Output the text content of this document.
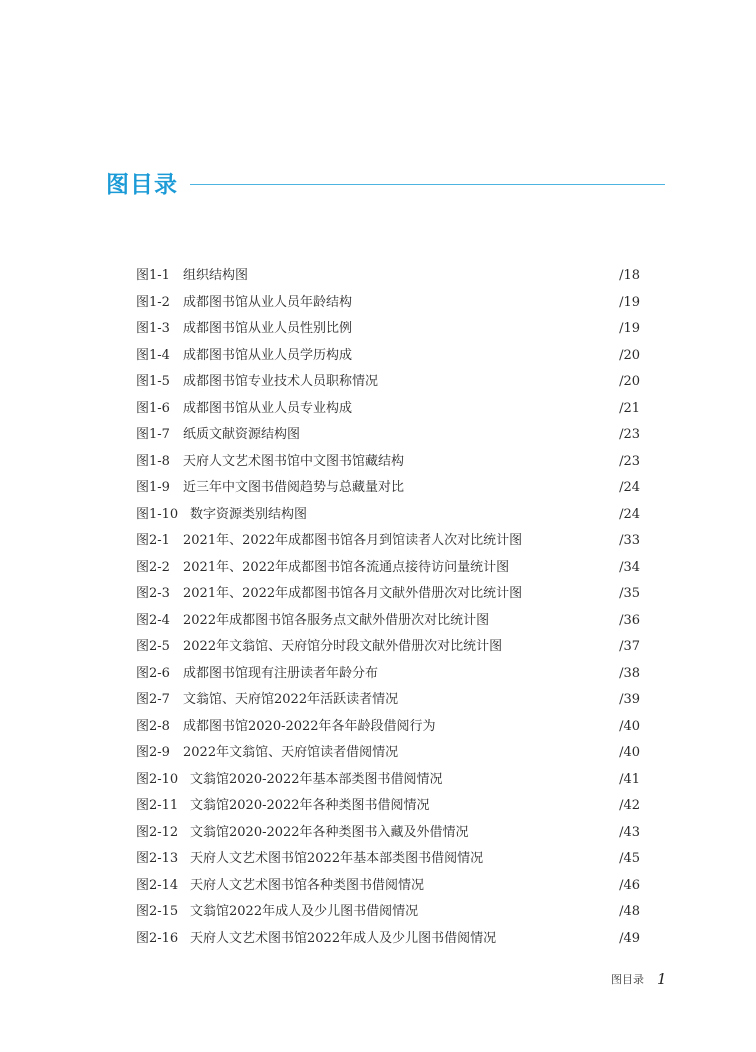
图目录
图1-1 组织结构图	/18
图1-2 成都图书馆从业人员年龄结构	/19
图1-3 成都图书馆从业人员性别比例	/19
图1-4 成都图书馆从业人员学历构成	/20
图1-5 成都图书馆专业技术人员职称情况	/20
图1-6 成都图书馆从业人员专业构成	/21
图1-7 纸质文献资源结构图	/23
图1-8 天府人文艺术图书馆中文图书馆藏结构	/23
图1-9 近三年中文图书借阅趋势与总藏量对比	/24
图1-10 数字资源类别结构图	/24
图2-1 2021年、2022年成都图书馆各月到馆读者人次对比统计图	/33
图2-2 2021年、2022年成都图书馆各流通点接待访问量统计图	/34
图2-3 2021年、2022年成都图书馆各月文献外借册次对比统计图	/35
图2-4 2022年成都图书馆各服务点文献外借册次对比统计图	/36
图2-5 2022年文翁馆、天府馆分时段文献外借册次对比统计图	/37
图2-6 成都图书馆现有注册读者年龄分布	/38
图2-7 文翁馆、天府馆2022年活跃读者情况	/39
图2-8 成都图书馆2020-2022年各年龄段借阅行为	/40
图2-9 2022年文翁馆、天府馆读者借阅情况	/40
图2-10 文翁馆2020-2022年基本部类图书借阅情况	/41
图2-11 文翁馆2020-2022年各种类图书借阅情况	/42
图2-12 文翁馆2020-2022年各种类图书入藏及外借情况	/43
图2-13 天府人文艺术图书馆2022年基本部类图书借阅情况	/45
图2-14 天府人文艺术图书馆各种类图书借阅情况	/46
图2-15 文翁馆2022年成人及少儿图书借阅情况	/48
图2-16 天府人文艺术图书馆2022年成人及少儿图书借阅情况	/49
图目录 1
